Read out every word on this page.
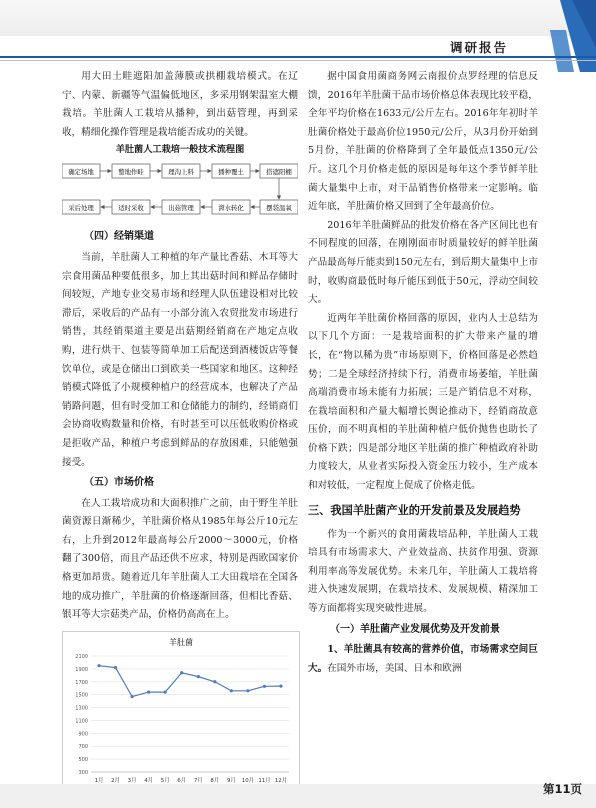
调研报告

用大田土畦遮阳加盖薄膜或拱棚栽培模式。在辽宁、内蒙、新疆等气温偏低地区，多采用钢架温室大棚栽培。羊肚菌人工栽培从播种，到出菇管理，再到采收，精细化操作管理是栽培能否成功的关键。

羊肚菌人工栽培一般技术流程图
确定场地	整地作畦	理沟上料	播种覆土	搭遮阳棚
采后处理	适时采收	出菇管理	湃水转化	摆袋温氧
（四）经销渠道

当前，羊肚菌人工种植的年产量比香菇、木耳等大宗食用菌品种要低很多，加上其出菇时间和鲜品存储时间较短，产地专业交易市场和经理人队伍建设相对比较滞后，采收后的产品有一小部分流入农贸批发市场进行销售，其经销渠道主要是出菇期经销商在产地定点收购，进行烘干、包装等简单加工后配送到酒楼饭店等餐饮单位，或是仓储出口到欧美一些国家和地区。这种经销模式降低了小规模种植户的经营成本，也解决了产品销路问题，但有时受加工和仓储能力的制约，经销商们会协商收购数量和价格，有时甚至可以压低收购价格或是拒收产品，种植户考虑到鲜品的存放困难，只能勉强接受。

（五）市场价格

在人工栽培成功和大面积推广之前，由于野生羊肚菌资源日渐稀少，羊肚菌价格从1985年每公斤10元左右，上升到2012年最高每公斤2000～3000元，价格翻了300倍，而且产品还供不应求，特别是西欧国家价格更加昂贵。随着近几年羊肚菌人工大田栽培在全国各地的成功推广，羊肚菌的价格逐渐回落，但相比香菇、银耳等大宗菇类产品，价格仍高高在上。

羊肚菌
300
500
700
900
1100
1300
1500
1700
1900
2100
1月 2月 3月 4月 5月 6月 7月 8月 9月 10月 11月 12月

据中国食用菌商务网云南报价点罗经理的信息反馈，2016年羊肚菌干品市场价格总体表现比较平稳，全年平均价格在1633元/公斤左右。2016年年初时羊肚菌价格处于最高价位1950元/公斤，从3月份开始到5月份，羊肚菌的价格降到了全年最低点1350元/公斤。这几个月价格走低的原因是每年这个季节鲜羊肚菌大量集中上市，对干品销售价格带来一定影响。临近年底，羊肚菌价格又回到了全年最高价位。

2016年羊肚菌鲜品的批发价格在各产区间比也有不同程度的回落，在刚刚面市时质量较好的鲜羊肚菌产品最高每斤能卖到150元左右，到后期大量集中上市时，收购商最低时每斤能压到低于50元，浮动空间较大。

近两年羊肚菌价格回落的原因，业内人士总结为以下几个方面：一是栽培面积的扩大带来产量的增长，在“物以稀为贵”市场原则下，价格回落是必然趋势；二是全球经济持续下行，消费市场萎缩，羊肚菌高端消费市场未能有力拓展；三是产销信息不对称，在栽培面积和产量大幅增长舆论推动下，经销商故意压价，而不明真相的羊肚菌种植户低价抛售也助长了价格下跌；四是部分地区羊肚菌的推广种植政府补助力度较大，从业者实际投入资金压力较小，生产成本和对较低，一定程度上促成了价格走低。

三、我国羊肚菌产业的开发前景及发展趋势

作为一个新兴的食用菌栽培品种，羊肚菌人工栽培具有市场需求大、产业效益高、扶贫作用强、资源利用率高等发展优势。未来几年，羊肚菌人工栽培将进入快速发展期，在栽培技术、发展规模、精深加工等方面都将实现突破性进展。

（一）羊肚菌产业发展优势及开发前景

1、羊肚菌具有较高的营养价值，市场需求空间巨大。在国外市场，美国、日本和欧洲

第11页
